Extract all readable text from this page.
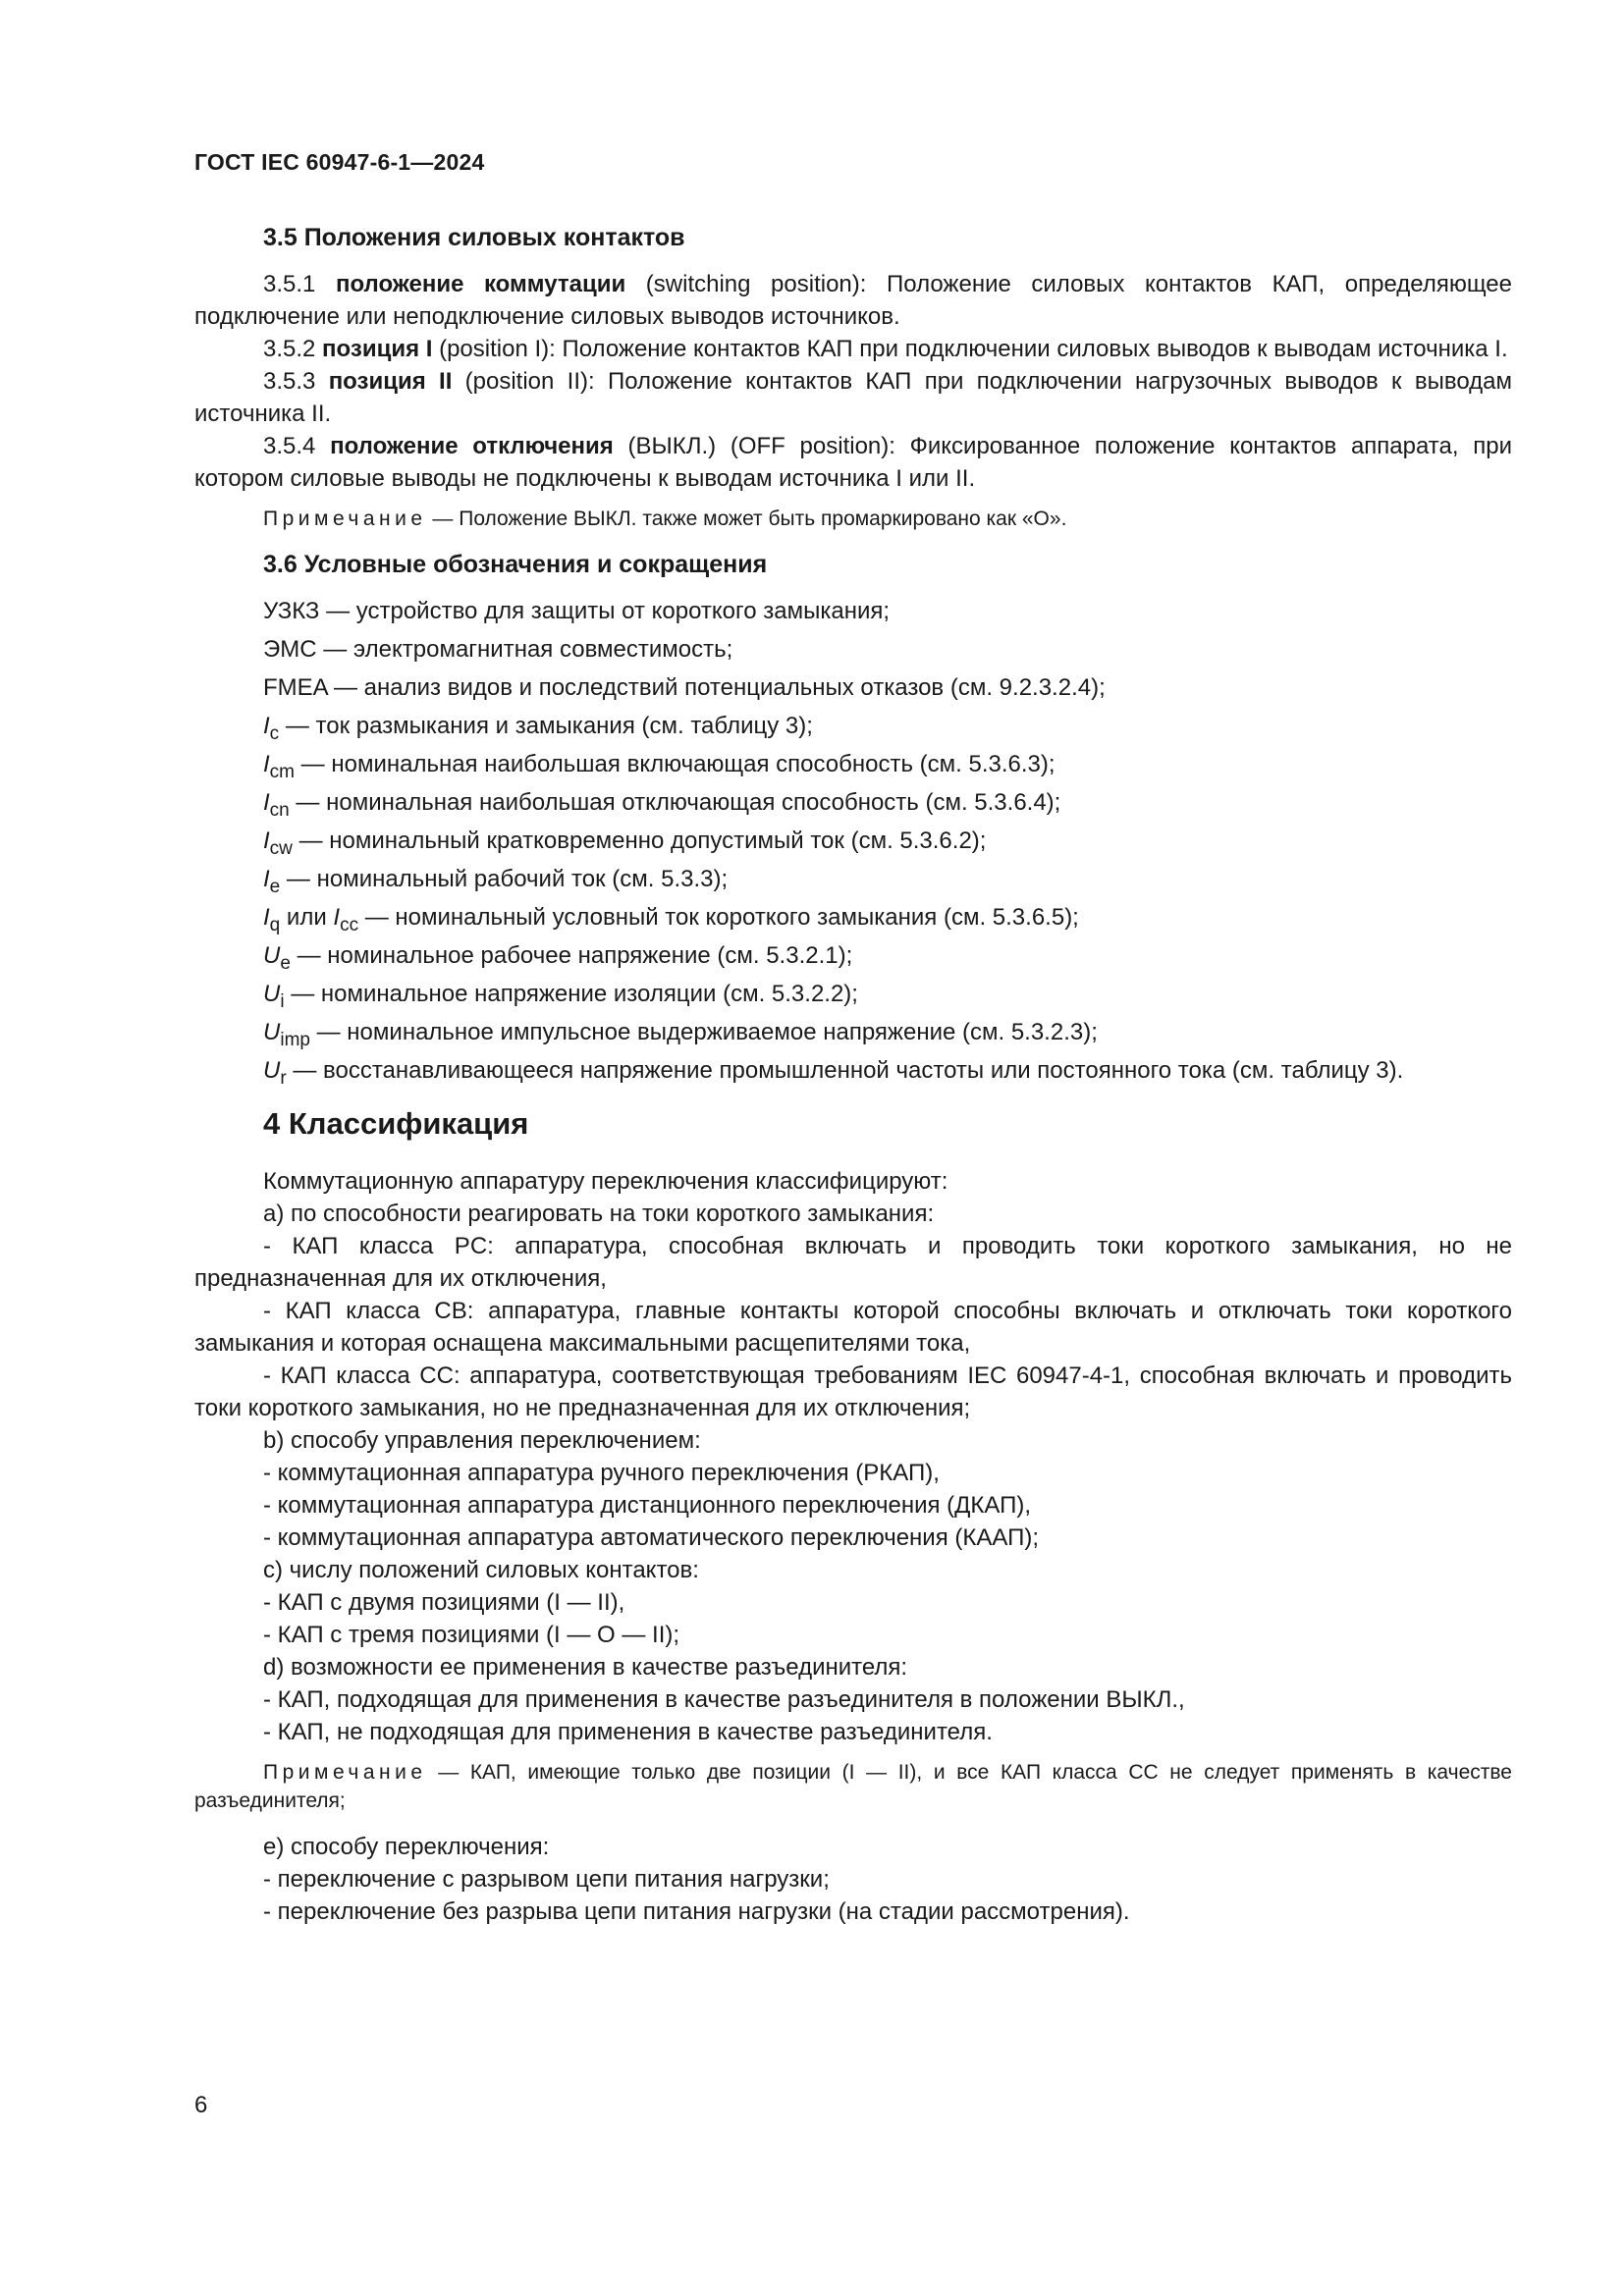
ГОСТ IEC 60947-6-1—2024
3.5 Положения силовых контактов

3.5.1 положение коммутации (switching position): Положение силовых контактов КАП, определяющее подключение или неподключение силовых выводов источников.

3.5.2 позиция I (position I): Положение контактов КАП при подключении силовых выводов к выводам источника I.

3.5.3 позиция II (position II): Положение контактов КАП при подключении нагрузочных выводов к выводам источника II.

3.5.4 положение отключения (ВЫКЛ.) (OFF position): Фиксированное положение контактов аппарата, при котором силовые выводы не подключены к выводам источника I или II.

Примечание — Положение ВЫКЛ. также может быть промаркировано как «О».

3.6 Условные обозначения и сокращения

УЗКЗ — устройство для защиты от короткого замыкания;

ЭМС — электромагнитная совместимость;

FMEA — анализ видов и последствий потенциальных отказов (см. 9.2.3.2.4);

$I_c$ — ток размыкания и замыкания (см. таблицу 3);

$I_{cm}$ — номинальная наибольшая включающая способность (см. 5.3.6.3);

$I_{cn}$ — номинальная наибольшая отключающая способность (см. 5.3.6.4);

$I_{cw}$ — номинальный кратковременно допустимый ток (см. 5.3.6.2);

$I_e$ — номинальный рабочий ток (см. 5.3.3);

$I_q$ или $I_{cc}$ — номинальный условный ток короткого замыкания (см. 5.3.6.5);

$U_e$ — номинальное рабочее напряжение (см. 5.3.2.1);

$U_i$ — номинальное напряжение изоляции (см. 5.3.2.2);

$U_{imp}$ — номинальное импульсное выдерживаемое напряжение (см. 5.3.2.3);

$U_r$ — восстанавливающееся напряжение промышленной частоты или постоянного тока (см. таблицу 3).

4 Классификация

Коммутационную аппаратуру переключения классифицируют:

a) по способности реагировать на токи короткого замыкания:

- КАП класса PC: аппаратура, способная включать и проводить токи короткого замыкания, но не предназначенная для их отключения,

- КАП класса CB: аппаратура, главные контакты которой способны включать и отключать токи короткого замыкания и которая оснащена максимальными расщепителями тока,

- КАП класса CC: аппаратура, соответствующая требованиям IEC 60947-4-1, способная включать и проводить токи короткого замыкания, но не предназначенная для их отключения;

b) способу управления переключением:

- коммутационная аппаратура ручного переключения (РКАП),

- коммутационная аппаратура дистанционного переключения (ДКАП),

- коммутационная аппаратура автоматического переключения (КААП);

c) числу положений силовых контактов:

- КАП с двумя позициями (I — II),

- КАП с тремя позициями (I — O — II);

d) возможности ее применения в качестве разъединителя:

- КАП, подходящая для применения в качестве разъединителя в положении ВЫКЛ.,

- КАП, не подходящая для применения в качестве разъединителя.

Примечание — КАП, имеющие только две позиции (I — II), и все КАП класса CC не следует применять в качестве разъединителя;

e) способу переключения:

- переключение с разрывом цепи питания нагрузки;

- переключение без разрыва цепи питания нагрузки (на стадии рассмотрения).

6
